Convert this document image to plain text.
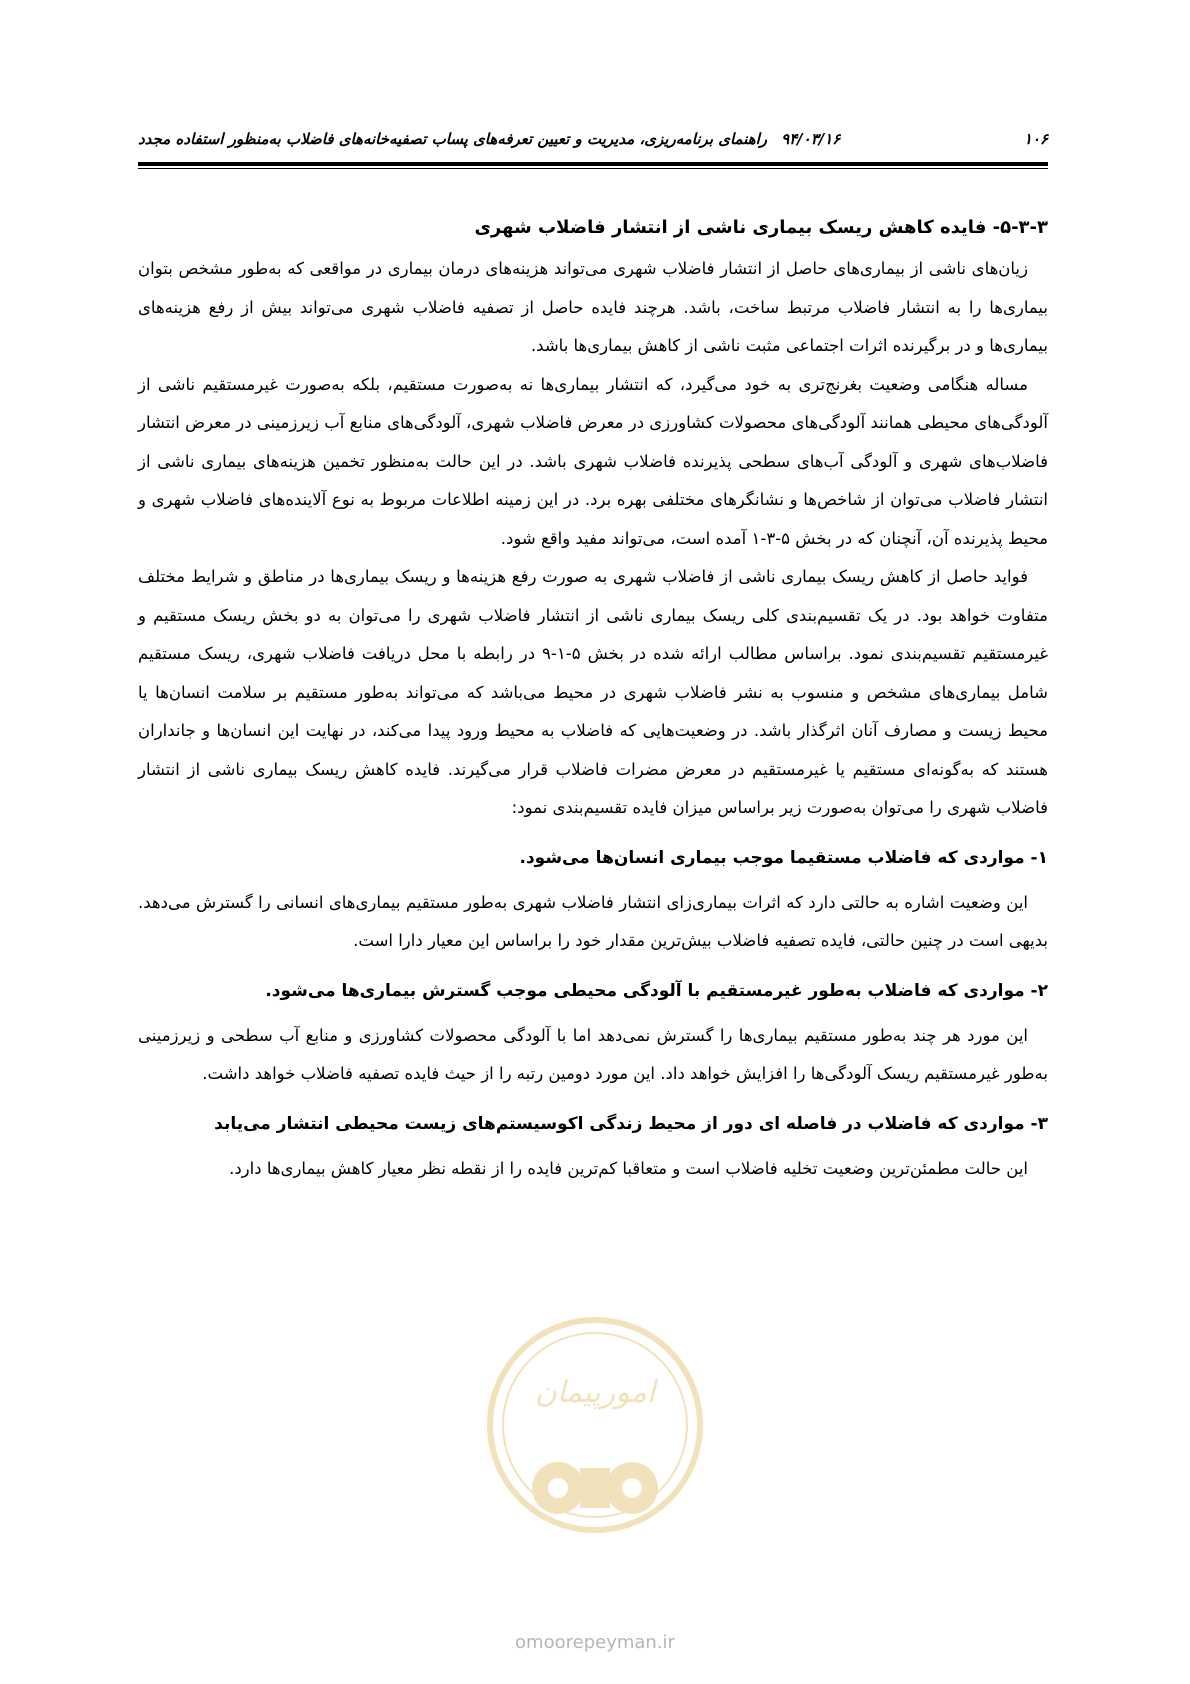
۱۰۶
۹۴/۰۳/۱۶راهنمای برنامه‌ریزی، مدیریت و تعیین تعرفه‌های پساب تصفیه‌خانه‌های فاضلاب به‌منظور استفاده مجدد
۵-۳-۳- فایده کاهش ریسک بیماری ناشی از انتشار فاضلاب شهری

زیان‌های ناشی از بیماری‌های حاصل از انتشار فاضلاب شهری می‌تواند هزینه‌های درمان بیماری در مواقعی که به‌طور مشخص بتوان بیماری‌ها را به انتشار فاضلاب مرتبط ساخت، باشد. هرچند فایده حاصل از تصفیه فاضلاب شهری می‌تواند بیش از رفع هزینه‌های بیماری‌ها و در برگیرنده اثرات اجتماعی مثبت ناشی از کاهش بیماری‌ها باشد.

مساله هنگامی وضعیت بغرنج‌تری به خود می‌گیرد، که انتشار بیماری‌ها نه به‌صورت مستقیم، بلکه به‌صورت غیرمستقیم ناشی از آلودگی‌های محیطی همانند آلودگی‌های محصولات کشاورزی در معرض فاضلاب شهری، آلودگی‌های منابع آب زیرزمینی در معرض انتشار فاضلاب‌های شهری و آلودگی آب‌های سطحی پذیرنده فاضلاب شهری باشد. در این حالت به‌منظور تخمین هزینه‌های بیماری ناشی از انتشار فاضلاب می‌توان از شاخص‌ها و نشانگرهای مختلفی بهره برد. در این زمینه اطلاعات مربوط به نوع آلاینده‌های فاضلاب شهری و محیط پذیرنده آن، آنچنان که در بخش ۵-۳-۱ آمده است، می‌تواند مفید واقع شود.

فواید حاصل از کاهش ریسک بیماری ناشی از فاضلاب شهری به صورت رفع هزینه‌ها و ریسک بیماری‌ها در مناطق و شرایط مختلف متفاوت خواهد بود. در یک تقسیم‌بندی کلی ریسک بیماری ناشی از انتشار فاضلاب شهری را می‌توان به دو بخش ریسک مستقیم و غیرمستقیم تقسیم‌بندی نمود. براساس مطالب ارائه شده در بخش ۵-۱-۹ در رابطه با محل دریافت فاضلاب شهری، ریسک مستقیم شامل بیماری‌های مشخص و منسوب به نشر فاضلاب شهری در محیط می‌باشد که می‌تواند به‌طور مستقیم بر سلامت انسان‌ها یا محیط زیست و مصارف آنان اثرگذار باشد. در وضعیت‌هایی که فاضلاب به محیط ورود پیدا می‌کند، در نهایت این انسان‌ها و جانداران هستند که به‌گونه‌ای مستقیم یا غیرمستقیم در معرض مضرات فاضلاب قرار می‌گیرند. فایده کاهش ریسک بیماری ناشی از انتشار فاضلاب شهری را می‌توان به‌صورت زیر براساس میزان فایده تقسیم‌بندی نمود:

۱- مواردی که فاضلاب مستقیما موجب بیماری انسان‌ها می‌شود.

این وضعیت اشاره به حالتی دارد که اثرات بیماری‌زای انتشار فاضلاب شهری به‌طور مستقیم بیماری‌های انسانی را گسترش می‌دهد. بدیهی است در چنین حالتی، فایده تصفیه فاضلاب بیش‌ترین مقدار خود را براساس این معیار دارا است.

۲- مواردی که فاضلاب به‌طور غیرمستقیم با آلودگی محیطی موجب گسترش بیماری‌ها می‌شود.

این مورد هر چند به‌طور مستقیم بیماری‌ها را گسترش نمی‌دهد اما با آلودگی محصولات کشاورزی و منابع آب سطحی و زیرزمینی به‌طور غیرمستقیم ریسک آلودگی‌ها را افزایش خواهد داد. این مورد دومین رتبه را از حیث فایده تصفیه فاضلاب خواهد داشت.

۳- مواردی که فاضلاب در فاصله ای دور از محیط زندگی اکوسیستم‌های زیست محیطی انتشار می‌یابد

این حالت مطمئن‌ترین وضعیت تخلیه فاضلاب است و متعاقبا کم‌ترین فایده را از نقطه نظر معیار کاهش بیماری‌ها دارد.

امورپیمان
omoorepeyman.ir
